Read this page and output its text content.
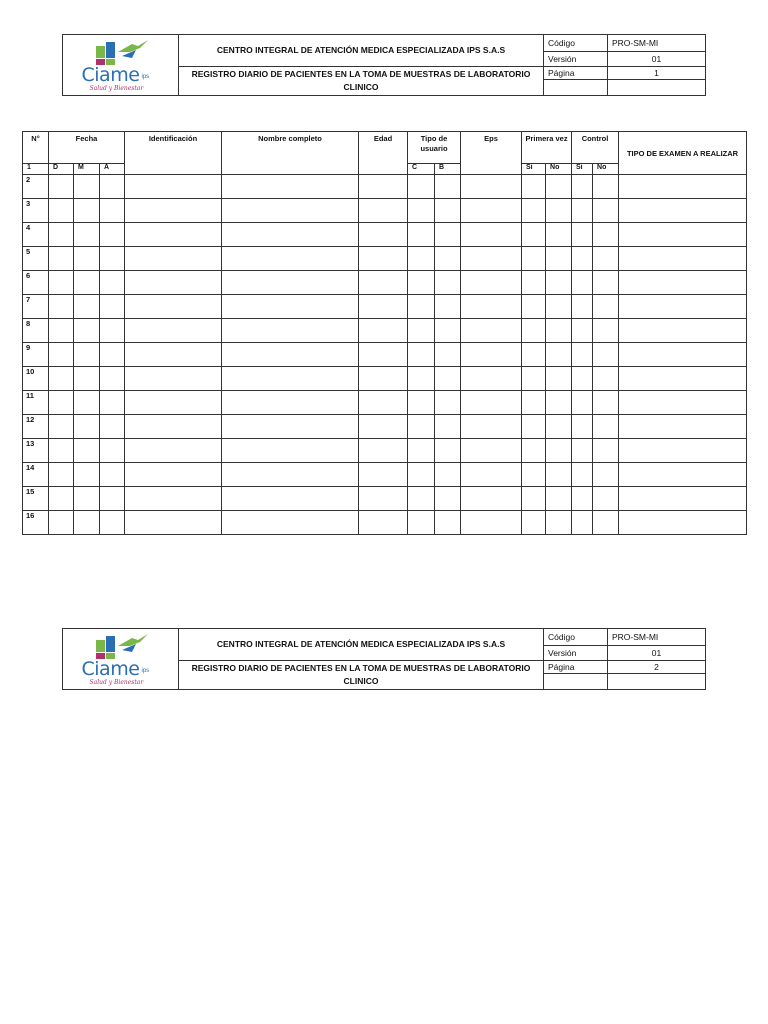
Ciame ips
Salud y Bienestar	CENTRO INTEGRAL DE ATENCIÓN MEDICA ESPECIALIZADA IPS S.A.S	Código	PRO-SM-MI
		Versión	01
	REGISTRO DIARIO DE PACIENTES EN LA TOMA DE MUESTRAS DE LABORATORIO CLINICO	Página	1

N°	Fecha			Identificación	Nombre completo	Edad	Tipo de usuario		Eps	Primera vez		Control		TIPO DE EXAMEN A REALIZAR
1	D	M	A				C	B		Si	No	Si	No	
2														
3														
4														
5														
6														
7														
8														
9														
10														
11														
12														
13														
14														
15														
16														
Ciame ips
Salud y Bienestar	CENTRO INTEGRAL DE ATENCIÓN MEDICA ESPECIALIZADA IPS S.A.S	Código	PRO-SM-MI
		Versión	01
	REGISTRO DIARIO DE PACIENTES EN LA TOMA DE MUESTRAS DE LABORATORIO CLINICO	Página	2
